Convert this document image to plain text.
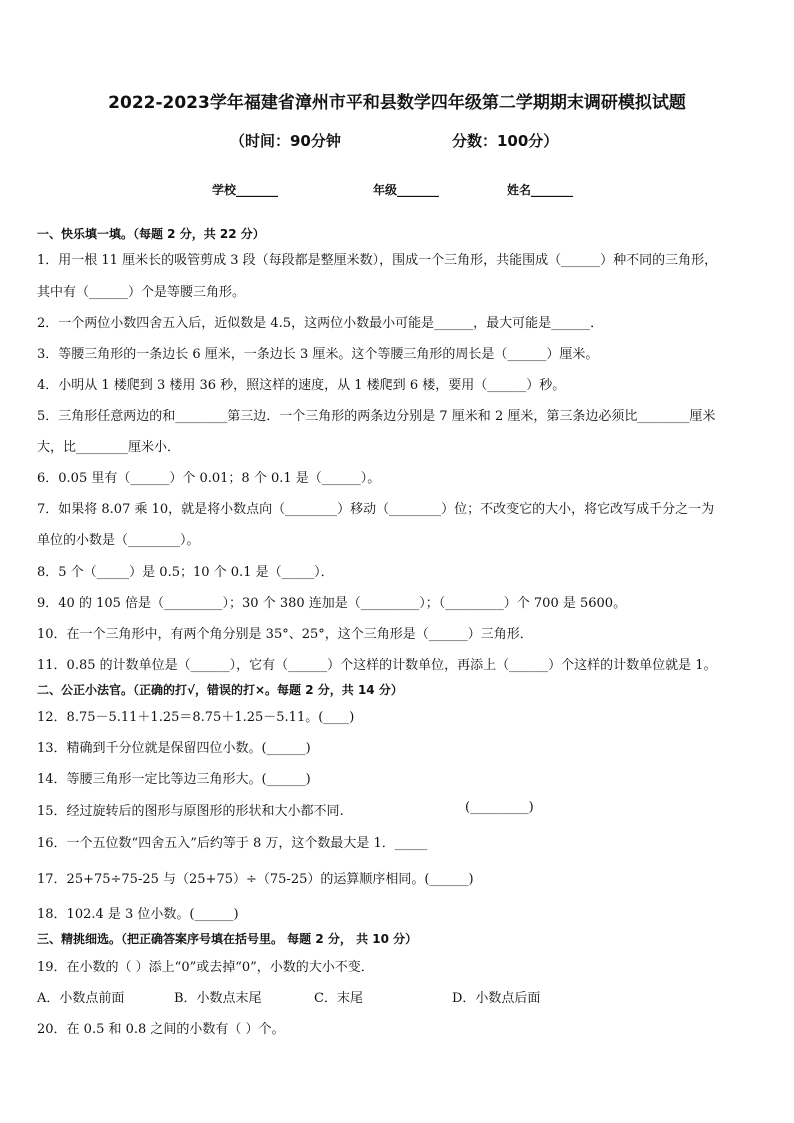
2022-2023学年福建省漳州市平和县数学四年级第二学期期末调研模拟试题
（时间：90分钟	分数：100分）
学校_______	年级_______	姓名_______
一、快乐填一填。（每题 2 分，共 22 分）
1．用一根 11 厘米长的吸管剪成 3 段（每段都是整厘米数），围成一个三角形，共能围成（______）种不同的三角形，
其中有（______）个是等腰三角形。
2．一个两位小数四舍五入后，近似数是 4.5，这两位小数最小可能是______，最大可能是______．
3．等腰三角形的一条边长 6 厘米，一条边长 3 厘米。这个等腰三角形的周长是（______）厘米。
4．小明从 1 楼爬到 3 楼用 36 秒，照这样的速度，从 1 楼爬到 6 楼，要用（______）秒。
5．三角形任意两边的和________第三边．一个三角形的两条边分别是 7 厘米和 2 厘米，第三条边必须比________厘米
大，比________厘米小．
6．0.05 里有（______）个 0.01；8 个 0.1 是（______）。
7．如果将 8.07 乘 10，就是将小数点向（________）移动（________）位；不改变它的大小，将它改写成千分之一为
单位的小数是（________）。
8．5 个（_____）是 0.5；10 个 0.1 是（_____）．
9．40 的 105 倍是（_________）；30 个 380 连加是（_________）；（_________）个 700 是 5600。
10．在一个三角形中，有两个角分别是 35°、25°，这个三角形是（______）三角形．
11．0.85 的计数单位是（______），它有（______）个这样的计数单位，再添上（______）个这样的计数单位就是 1。
二、公正小法官。（正确的打√，错误的打×。每题 2 分，共 14 分）
12．8.75－5.11＋1.25＝8.75＋1.25－5.11。(____)
13．精确到千分位就是保留四位小数。(______)
14．等腰三角形一定比等边三角形大。(______)
15．经过旋转后的图形与原图形的形状和大小都不同.	(_________)
16．一个五位数“四舍五入”后约等于 8 万，这个数最大是 1．_____
17．25+75÷75-25 与（25+75）÷（75-25）的运算顺序相同。(______)
18．102.4 是 3 位小数。(______)
三、精挑细选。（把正确答案序号填在括号里。 每题 2 分， 共 10 分）
19．在小数的（ ）添上“0”或去掉“0”，小数的大小不变．
A．小数点前面	B．小数点末尾	C．末尾	D．小数点后面
20．在 0.5 和 0.8 之间的小数有（ ）个。
